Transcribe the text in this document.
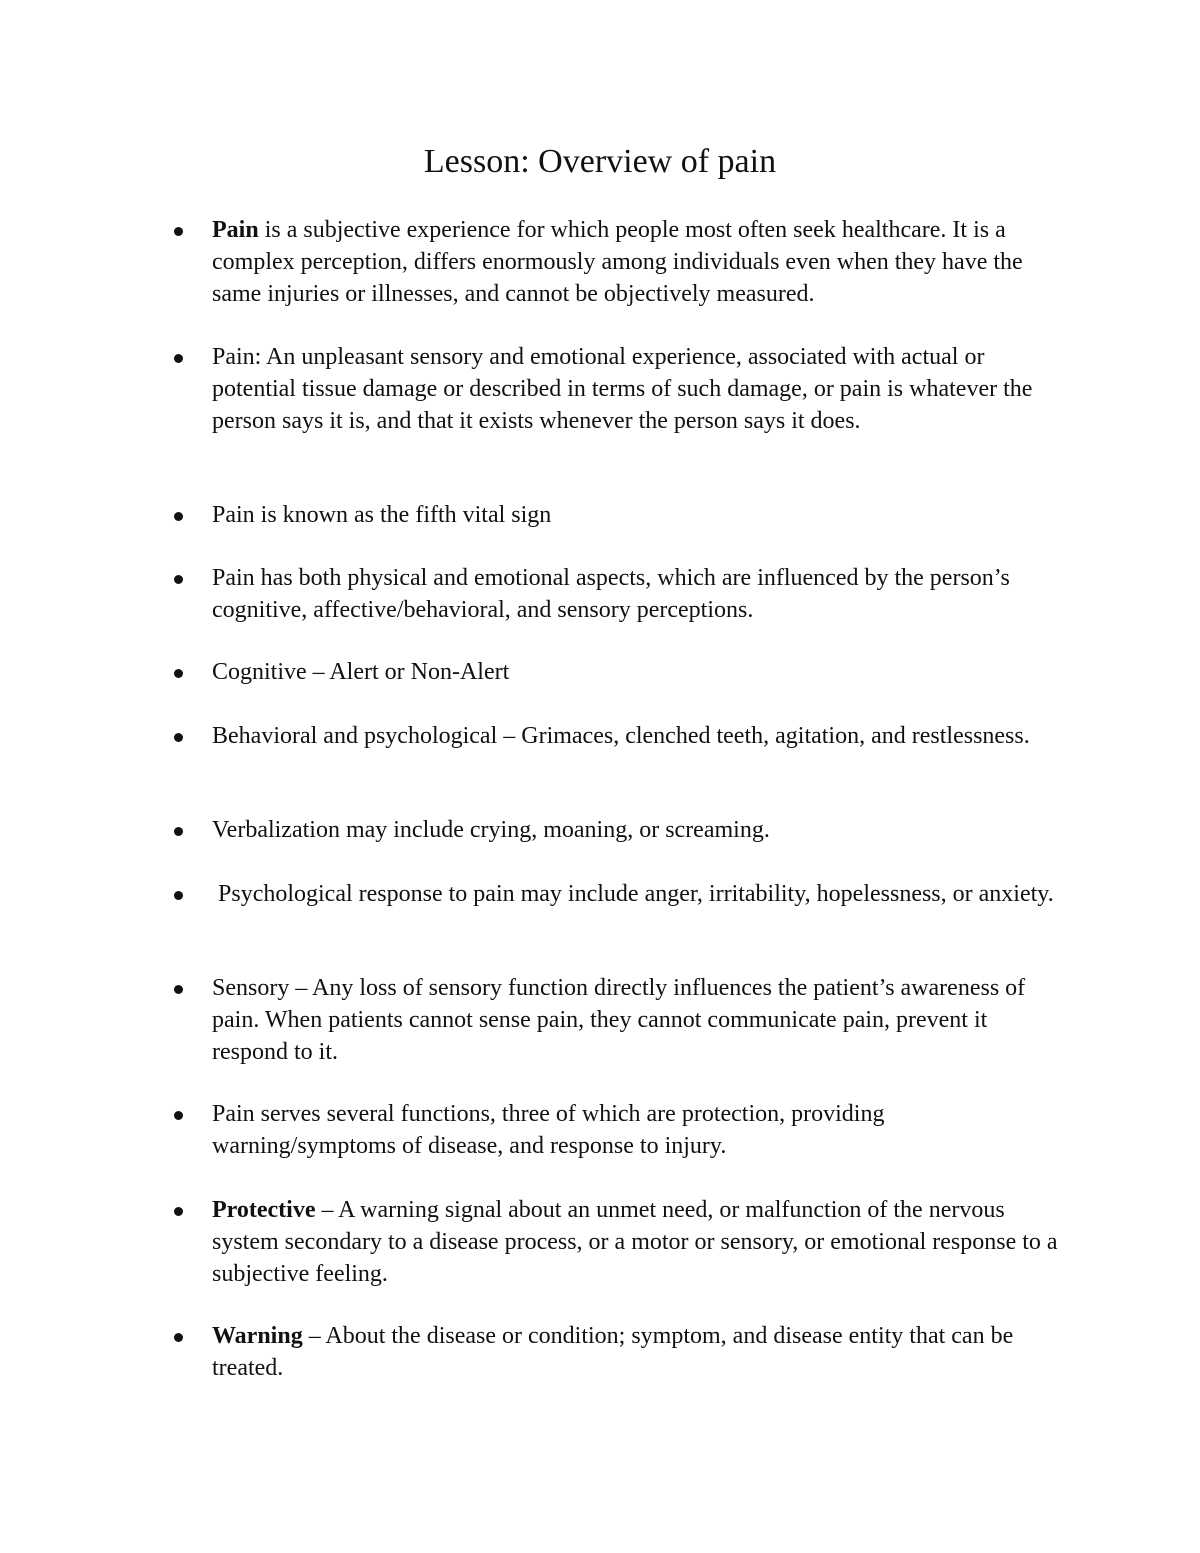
Lesson: Overview of pain
Pain is a subjective experience for which people most often seek healthcare. It is a complex perception, differs enormously among individuals even when they have the same injuries or illnesses, and cannot be objectively measured.
Pain: An unpleasant sensory and emotional experience, associated with actual or potential tissue damage or described in terms of such damage, or pain is whatever the person says it is, and that it exists whenever the person says it does.
Pain is known as the fifth vital sign
Pain has both physical and emotional aspects, which are influenced by the person’s cognitive, affective/behavioral, and sensory perceptions.
Cognitive – Alert or Non-Alert
Behavioral and psychological – Grimaces, clenched teeth, agitation, and restlessness.
Verbalization may include crying, moaning, or screaming.
Psychological response to pain may include anger, irritability, hopelessness, or anxiety.
Sensory – Any loss of sensory function directly influences the patient’s awareness of pain. When patients cannot sense pain, they cannot communicate pain, prevent it respond to it.
Pain serves several functions, three of which are protection, providing warning/symptoms of disease, and response to injury.
Protective – A warning signal about an unmet need, or malfunction of the nervous system secondary to a disease process, or a motor or sensory, or emotional response to a subjective feeling.
Warning – About the disease or condition; symptom, and disease entity that can be treated.
